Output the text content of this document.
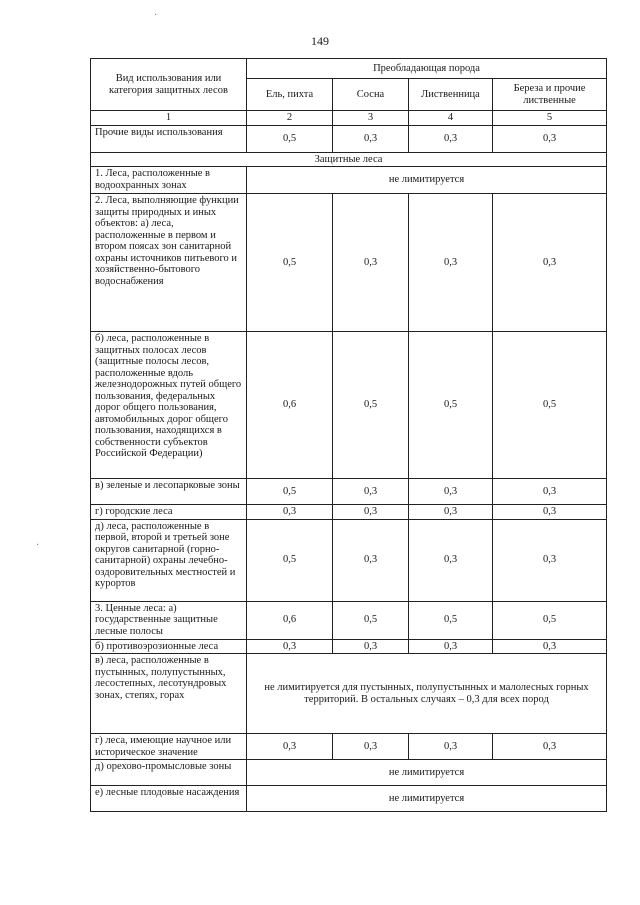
149
·
·
Вид использования или категория защитных лесов	Преобладающая порода			
	Ель, пихта	Сосна	Лиственница	Береза и прочие лиственные
1	2	3	4	5
Прочие виды использования	0,5	0,3	0,3	0,3
Защитные леса				
1. Леса, расположенные в водоохранных зонах	не лимитируется			
2. Леса, выполняющие функции защиты природных и иных объектов: а) леса, расположенные в первом и втором поясах зон санитарной охраны источников питьевого и хозяйственно-бытового водоснабжения	0,5	0,3	0,3	0,3
б) леса, расположенные в защитных полосах лесов (защитные полосы лесов, расположенные вдоль железнодорожных путей общего пользования, федеральных дорог общего пользования, автомобильных дорог общего пользования, находящихся в собственности субъектов Российской Федерации)	0,6	0,5	0,5	0,5
в) зеленые и лесопарковые зоны	0,5	0,3	0,3	0,3
г) городские леса	0,3	0,3	0,3	0,3
д) леса, расположенные в первой, второй и третьей зоне округов санитарной (горно-санитарной) охраны лечебно-оздоровительных местностей и курортов	0,5	0,3	0,3	0,3
3. Ценные леса: а) государственные защитные лесные полосы	0,6	0,5	0,5	0,5
б) противоэрозионные леса	0,3	0,3	0,3	0,3
в) леса, расположенные в пустынных, полупустынных, лесостепных, лесотундровых зонах, степях, горах	не лимитируется для пустынных, полупустынных и малолесных горных территорий. В остальных случаях – 0,3 для всех пород			
г) леса, имеющие научное или историческое значение	0,3	0,3	0,3	0,3
д) орехово-промысловые зоны	не лимитируется			
е) лесные плодовые насаждения	не лимитируется			
